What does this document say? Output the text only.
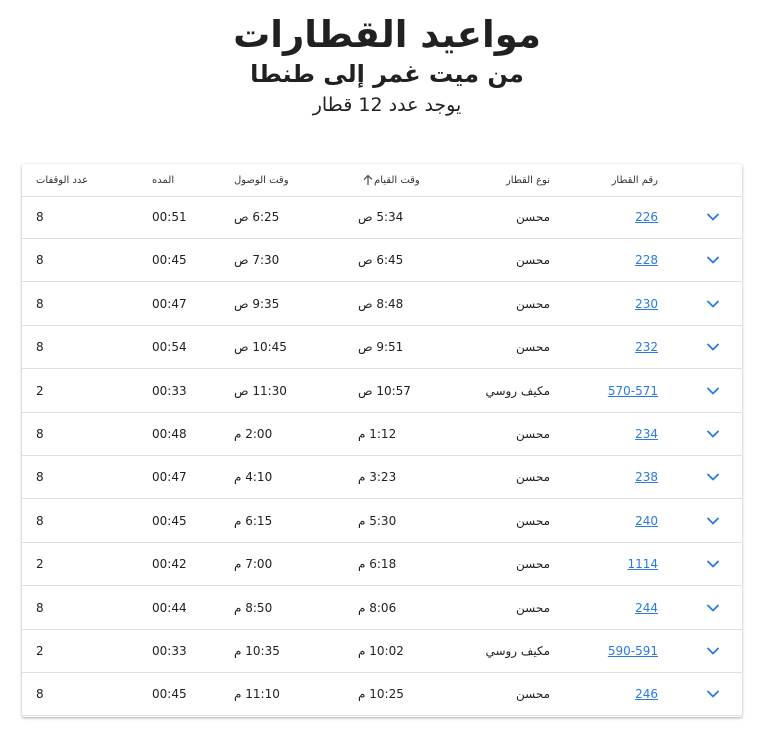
مواعيد القطارات
من ميت غمر إلى طنطا
يوجد عدد 12 قطار
عدد الوقفات	المده	وقت الوصول	وقت القيام	نوع القطار	رقم القطار
8	00:51	6:25 ص	5:34 ص	محسن	226
8	00:45	7:30 ص	6:45 ص	محسن	228
8	00:47	9:35 ص	8:48 ص	محسن	230
8	00:54	10:45 ص	9:51 ص	محسن	232
2	00:33	11:30 ص	10:57 ص	مكيف روسي	570-571
8	00:48	2:00 م	1:12 م	محسن	234
8	00:47	4:10 م	3:23 م	محسن	238
8	00:45	6:15 م	5:30 م	محسن	240
2	00:42	7:00 م	6:18 م	محسن	1114
8	00:44	8:50 م	8:06 م	محسن	244
2	00:33	10:35 م	10:02 م	مكيف روسي	590-591
8	00:45	11:10 م	10:25 م	محسن	246
